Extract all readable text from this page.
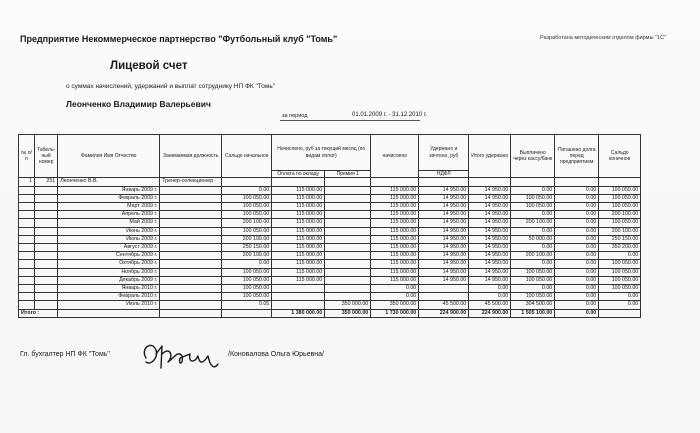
Предприятие Некоммерческое партнерство "Футбольный клуб "Томь"	Разработана методическим отделом фирмы "1С"
Лицевой счет
о суммах начислений, удержаний и выплат сотруднику НП ФК "Томь"
Леонченко Владимир Валерьевич
за период	01.01.2009 г. - 31.12.2010 г.
№ п/п	Табель-ный номер	Фамилия Имя Отчество	Занимаемая должность	Сальдо начальное	Начислено, руб за текущий месяц (по видам оплат)		начислено	Удержано и зачтено, руб	Итого удержано	Выплачено через кассу/банк	Погашено долга перед предприятием	Сальдо конечное
					Оплата по окладу	Премия 1		НДФЛ				
1	251	Леонченко В.В.	Тренер-селекционер									
		Январь 2009 г.		0.00	115 000.00		115 000.00	14 950.00	14 950.00	0.00	0.00	100 050.00
		Февраль 2009 г.		100 050.00	115 000.00		115 000.00	14 950.00	14 950.00	100 050.00	0.00	100 050.00
		Март 2009 г.		100 050.00	115 000.00		115 000.00	14 950.00	14 950.00	100 050.00	0.00	100 050.00
		Апрель 2009 г.		100 050.00	115 000.00		115 000.00	14 950.00	14 950.00	0.00	0.00	200 100.00
		Май 2009 г.		200 100.00	115 000.00		115 000.00	14 950.00	14 950.00	200 100.00	0.00	100 050.00
		Июнь 2009 г.		100 050.00	115 000.00		115 000.00	14 950.00	14 950.00	0.00	0.00	200 100.00
		Июль 2009 г.		200 100.00	115 000.00		115 000.00	14 950.00	14 950.00	50 000.00	0.00	250 150.00
		Август 2009 г.		250 150.00	115 000.00		115 000.00	14 950.00	14 950.00	0.00	0.00	350 200.00
		Сентябрь 2009 г.		200 100.00	115 000.00		115 000.00	14 950.00	14 950.00	200 100.00	0.00	0.00
		Октябрь 2009 г.		0.00	115 000.00		115 000.00	14 950.00	14 950.00	0.00	0.00	100 050.00
		Ноябрь 2009 г.		100 050.00	115 000.00		115 000.00	14 950.00	14 950.00	100 050.00	0.00	100 050.00
		Декабрь 2009 г.		100 050.00	115 000.00		115 000.00	14 950.00	14 950.00	100 050.00	0.00	100 050.00
		Январь 2010 г.		100 050.00			0.00		0.00	0.00	0.00	100 050.00
		Февраль 2010 г.		100 050.00			0.00		0.00	100 050.00	0.00	0.00
		Июль 2010 г.		0.05		350 000.00	350 000.00	45 500.00	45 500.00	304 500.00	0.00	0.00
Итого :					1 380 000.00	350 000.00	1 730 000.00	224 900.00	224 900.00	1 505 100.00	0.00	
Гл. бухгалтер НП ФК "Томь"	/Коновалова Ольга Юрьевна/
